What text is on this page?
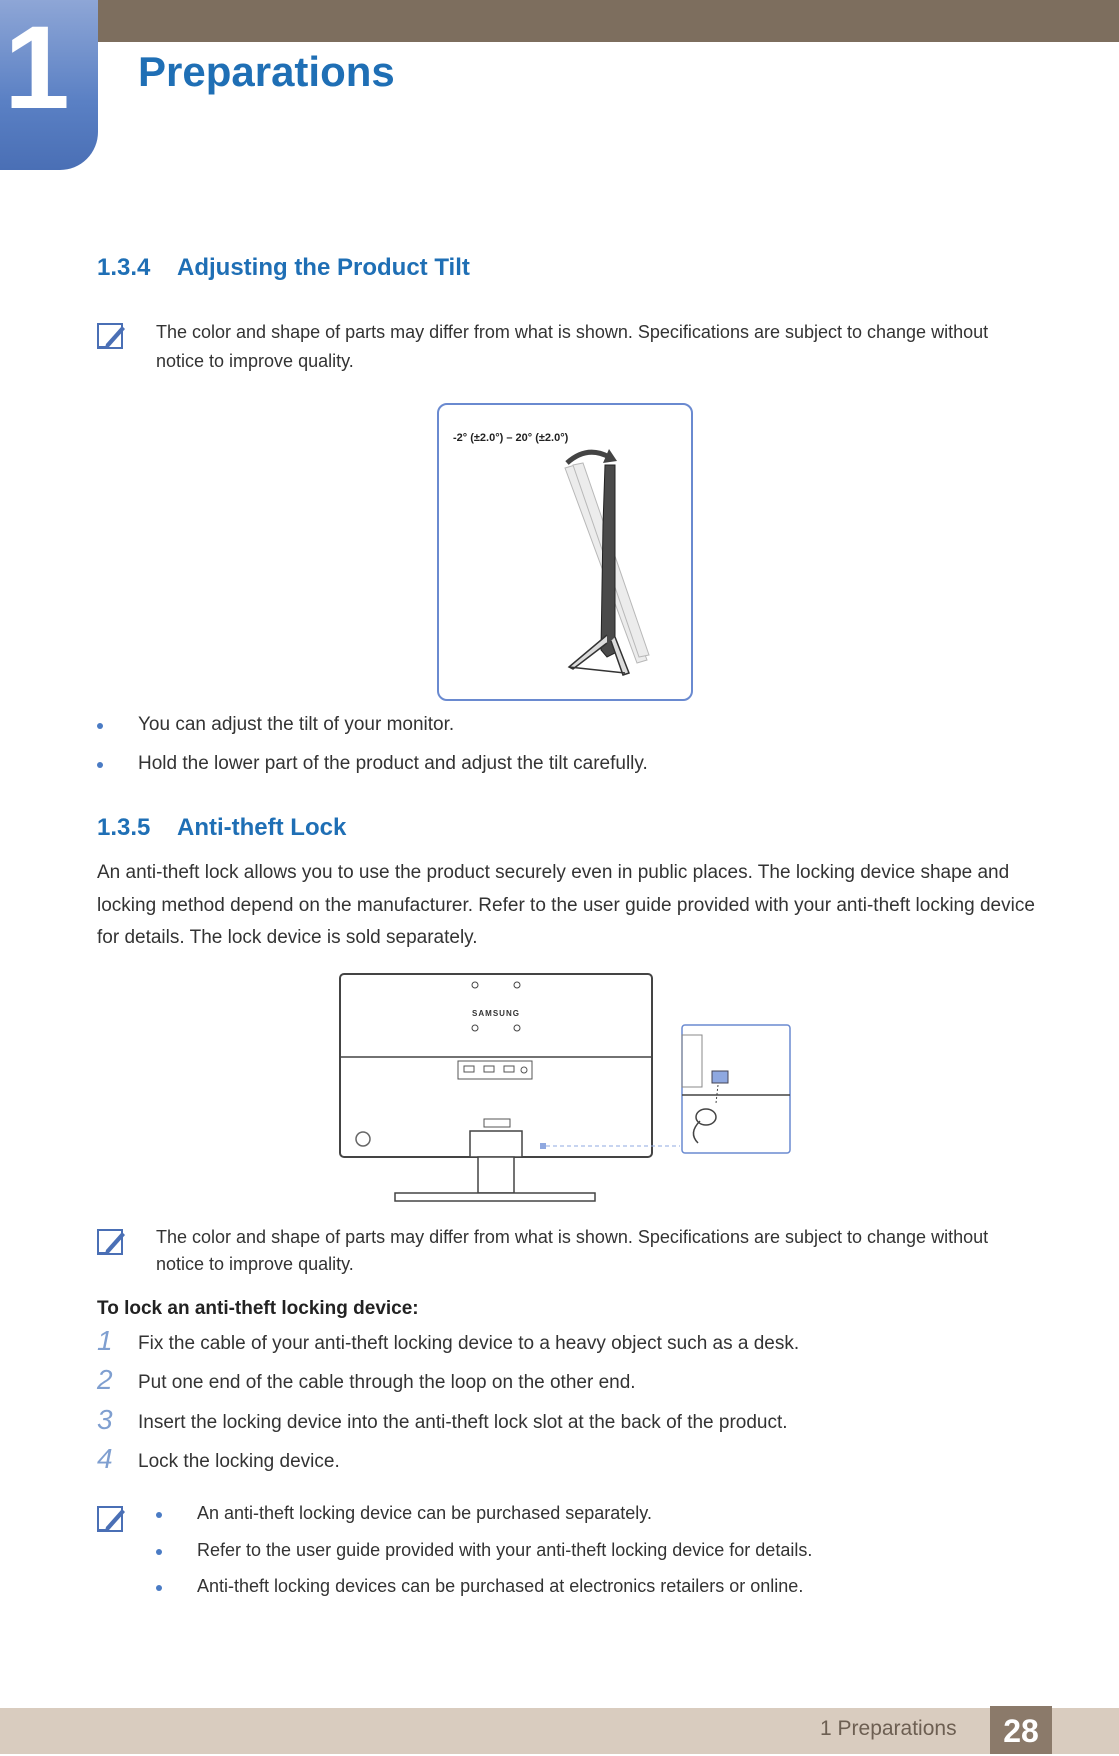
1 Preparations
1.3.4 Adjusting the Product Tilt

The color and shape of parts may differ from what is shown. Specifications are subject to change without notice to improve quality.

-2° (±2.0°) – 20° (±2.0°)
You can adjust the tilt of your monitor.
Hold the lower part of the product and adjust the tilt carefully.
1.3.5 Anti-theft Lock

An anti-theft lock allows you to use the product securely even in public places. The locking device shape and locking method depend on the manufacturer. Refer to the user guide provided with your anti-theft locking device for details. The lock device is sold separately.

SAMSUNG

The color and shape of parts may differ from what is shown. Specifications are subject to change without notice to improve quality.

To lock an anti-theft locking device:

1 Fix the cable of your anti-theft locking device to a heavy object such as a desk.
2 Put one end of the cable through the loop on the other end.
3 Insert the locking device into the anti-theft lock slot at the back of the product.
4 Lock the locking device.
An anti-theft locking device can be purchased separately.
Refer to the user guide provided with your anti-theft locking device for details.
Anti-theft locking devices can be purchased at electronics retailers or online.
1 Preparations	28
